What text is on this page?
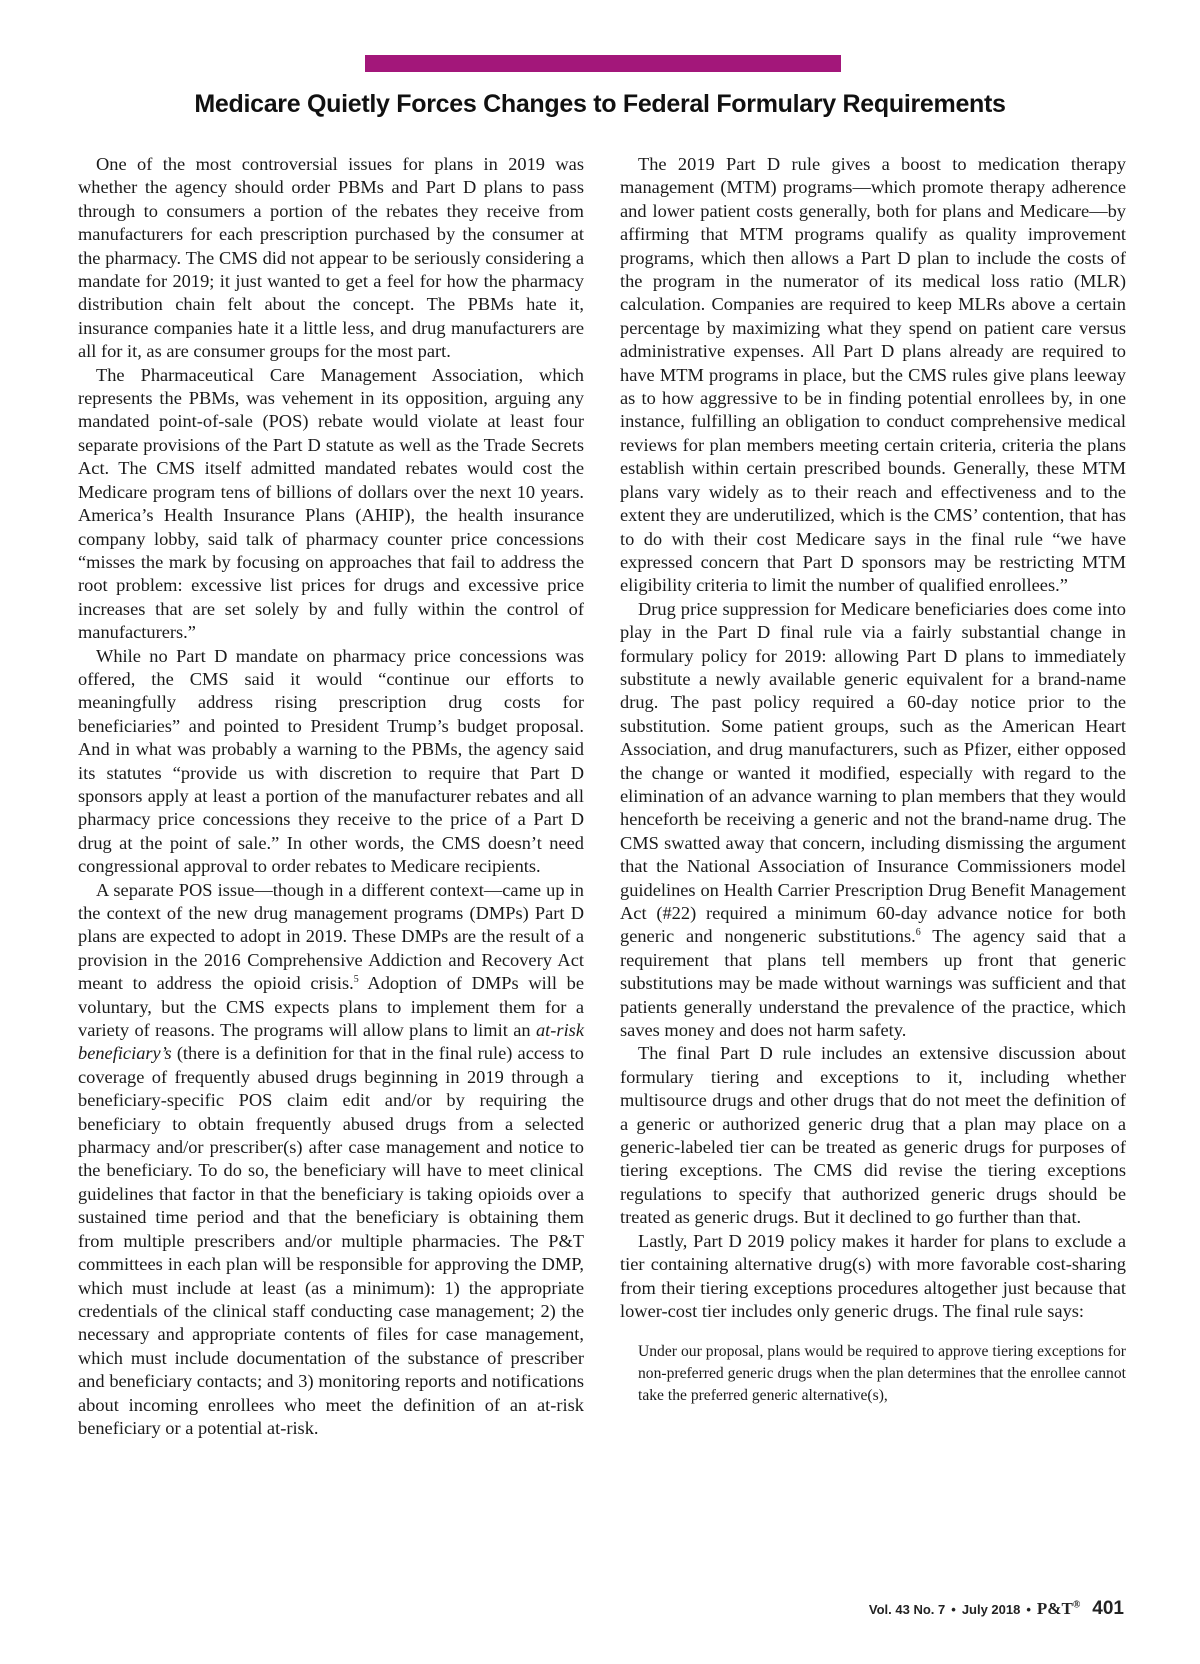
Medicare Quietly Forces Changes to Federal Formulary Requirements

One of the most controversial issues for plans in 2019 was whether the agency should order PBMs and Part D plans to pass through to consumers a portion of the rebates they receive from manufacturers for each prescription purchased by the consumer at the pharmacy. The CMS did not appear to be seriously considering a mandate for 2019; it just wanted to get a feel for how the pharmacy distribution chain felt about the concept. The PBMs hate it, insurance companies hate it a little less, and drug manufacturers are all for it, as are consumer groups for the most part.

The Pharmaceutical Care Management Association, which represents the PBMs, was vehement in its opposition, arguing any mandated point-of-sale (POS) rebate would violate at least four separate provisions of the Part D statute as well as the Trade Secrets Act. The CMS itself admitted mandated rebates would cost the Medicare program tens of billions of dollars over the next 10 years. America’s Health Insurance Plans (AHIP), the health insurance company lobby, said talk of pharmacy counter price concessions “misses the mark by focusing on approaches that fail to address the root problem: excessive list prices for drugs and excessive price increases that are set solely by and fully within the control of manufacturers.”

While no Part D mandate on pharmacy price concessions was offered, the CMS said it would “continue our efforts to meaningfully address rising prescription drug costs for beneficiaries” and pointed to President Trump’s budget proposal. And in what was probably a warning to the PBMs, the agency said its statutes “provide us with discretion to require that Part D sponsors apply at least a portion of the manufacturer rebates and all pharmacy price concessions they receive to the price of a Part D drug at the point of sale.” In other words, the CMS doesn’t need congressional approval to order rebates to Medicare recipients.

A separate POS issue—though in a different context—came up in the context of the new drug management programs (DMPs) Part D plans are expected to adopt in 2019. These DMPs are the result of a provision in the 2016 Comprehensive Addiction and Recovery Act meant to address the opioid crisis.$^5$ Adoption of DMPs will be voluntary, but the CMS expects plans to implement them for a variety of reasons. The programs will allow plans to limit an at-risk beneficiary’s (there is a definition for that in the final rule) access to coverage of frequently abused drugs beginning in 2019 through a beneficiary-specific POS claim edit and/or by requiring the beneficiary to obtain frequently abused drugs from a selected pharmacy and/or prescriber(s) after case management and notice to the beneficiary. To do so, the beneficiary will have to meet clinical guidelines that factor in that the beneficiary is taking opioids over a sustained time period and that the beneficiary is obtaining them from multiple prescribers and/or multiple pharmacies. The P&T committees in each plan will be responsible for approving the DMP, which must include at least (as a minimum): 1) the appropriate credentials of the clinical staff conducting case management; 2) the necessary and appropriate contents of files for case management, which must include documentation of the substance of prescriber and beneficiary contacts; and 3) monitoring reports and notifications about incoming enrollees who meet the definition of an at-risk beneficiary or a potential at-risk.

The 2019 Part D rule gives a boost to medication therapy management (MTM) programs—which promote therapy adherence and lower patient costs generally, both for plans and Medicare—by affirming that MTM programs qualify as quality improvement programs, which then allows a Part D plan to include the costs of the program in the numerator of its medical loss ratio (MLR) calculation. Companies are required to keep MLRs above a certain percentage by maximizing what they spend on patient care versus administrative expenses. All Part D plans already are required to have MTM programs in place, but the CMS rules give plans leeway as to how aggressive to be in finding potential enrollees by, in one instance, fulfilling an obligation to conduct comprehensive medical reviews for plan members meeting certain criteria, criteria the plans establish within certain prescribed bounds. Generally, these MTM plans vary widely as to their reach and effectiveness and to the extent they are underutilized, which is the CMS’ contention, that has to do with their cost Medicare says in the final rule “we have expressed concern that Part D sponsors may be restricting MTM eligibility criteria to limit the number of qualified enrollees.”

Drug price suppression for Medicare beneficiaries does come into play in the Part D final rule via a fairly substantial change in formulary policy for 2019: allowing Part D plans to immediately substitute a newly available generic equivalent for a brand-name drug. The past policy required a 60-day notice prior to the substitution. Some patient groups, such as the American Heart Association, and drug manufacturers, such as Pfizer, either opposed the change or wanted it modified, especially with regard to the elimination of an advance warning to plan members that they would henceforth be receiving a generic and not the brand-name drug. The CMS swatted away that concern, including dismissing the argument that the National Association of Insurance Commissioners model guidelines on Health Carrier Prescription Drug Benefit Management Act (#22) required a minimum 60-day advance notice for both generic and nongeneric substitutions.$^6$ The agency said that a requirement that plans tell members up front that generic substitutions may be made without warnings was sufficient and that patients generally understand the prevalence of the practice, which saves money and does not harm safety.

The final Part D rule includes an extensive discussion about formulary tiering and exceptions to it, including whether multisource drugs and other drugs that do not meet the definition of a generic or authorized generic drug that a plan may place on a generic-labeled tier can be treated as generic drugs for purposes of tiering exceptions. The CMS did revise the tiering exceptions regulations to specify that authorized generic drugs should be treated as generic drugs. But it declined to go further than that.

Lastly, Part D 2019 policy makes it harder for plans to exclude a tier containing alternative drug(s) with more favorable cost-sharing from their tiering exceptions procedures altogether just because that lower-cost tier includes only generic drugs. The final rule says:

Under our proposal, plans would be required to approve tiering exceptions for non-preferred generic drugs when the plan determines that the enrollee cannot take the preferred generic alternative(s),
Vol. 43 No. 7 • July 2018 • P&T® 401
